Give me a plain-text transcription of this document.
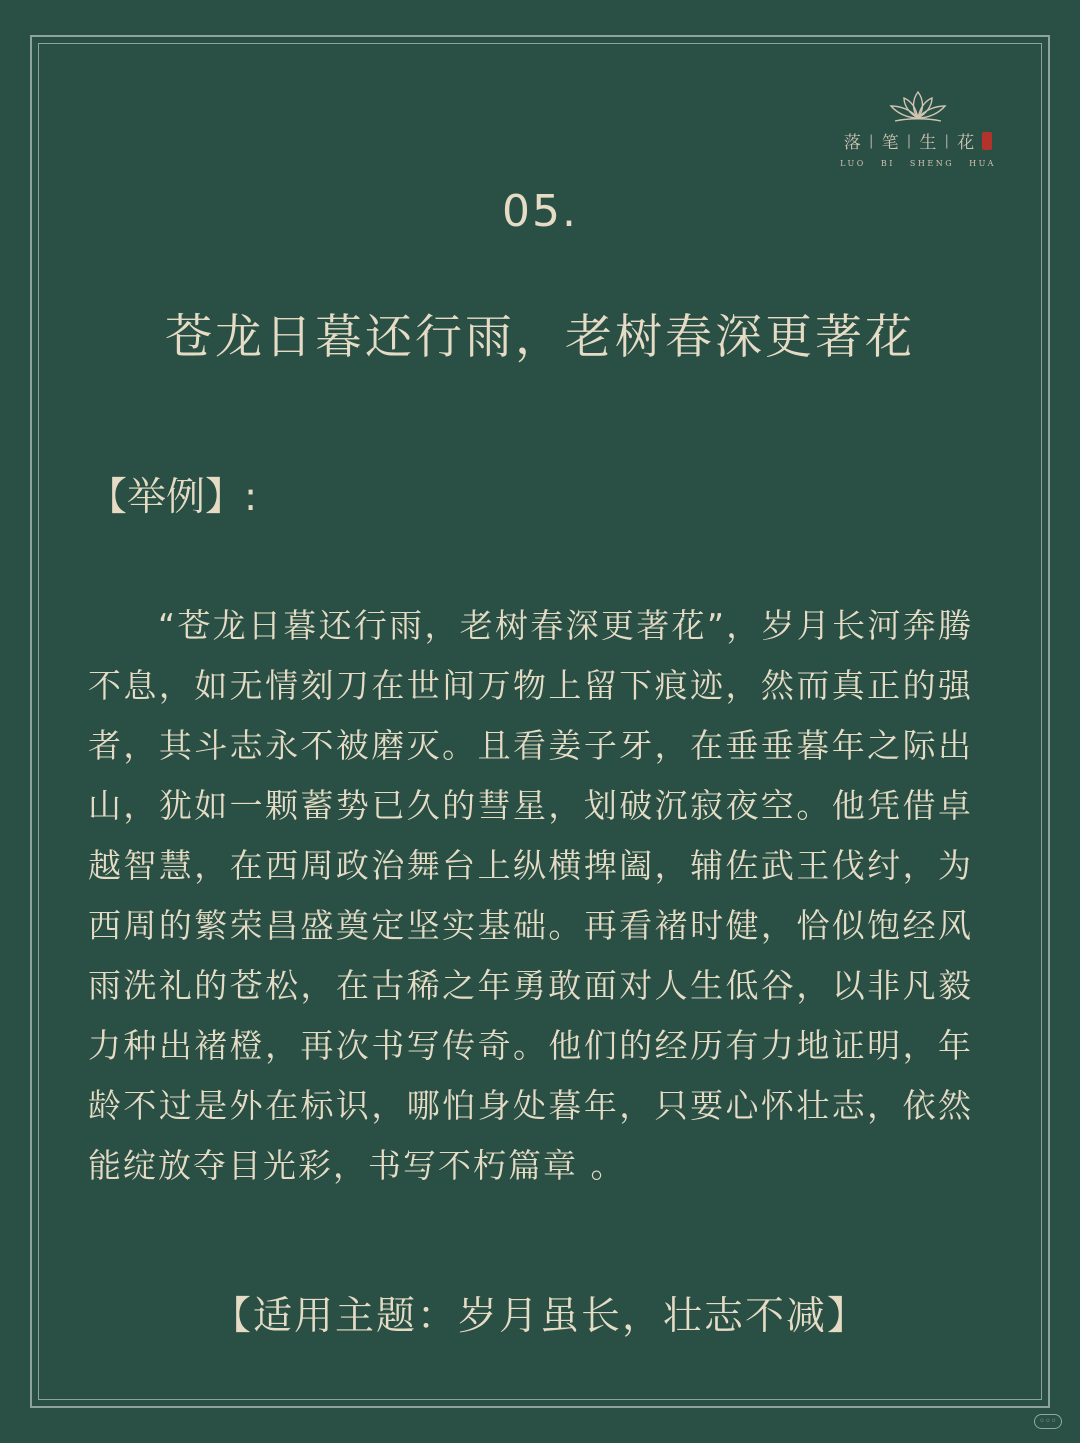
落 | 笔 | 生 | 花
LUO BI SHENG HUA
05.
苍龙日暮还行雨，老树春深更著花
【举例】:

“苍龙日暮还行雨，老树春深更著花”，岁月长河奔腾不息，如无情刻刀在世间万物上留下痕迹，然而真正的强者，其斗志永不被磨灭。且看姜子牙，在垂垂暮年之际出山，犹如一颗蓄势已久的彗星，划破沉寂夜空。他凭借卓越智慧，在西周政治舞台上纵横捭阖，辅佐武王伐纣，为西周的繁荣昌盛奠定坚实基础。再看褚时健，恰似饱经风雨洗礼的苍松，在古稀之年勇敢面对人生低谷，以非凡毅力种出褚橙，再次书写传奇。他们的经历有力地证明，年龄不过是外在标识，哪怕身处暮年，只要心怀壮志，依然能绽放夺目光彩，书写不朽篇章 。

【适用主题：岁月虽长，壮志不减】
◦◦◦
